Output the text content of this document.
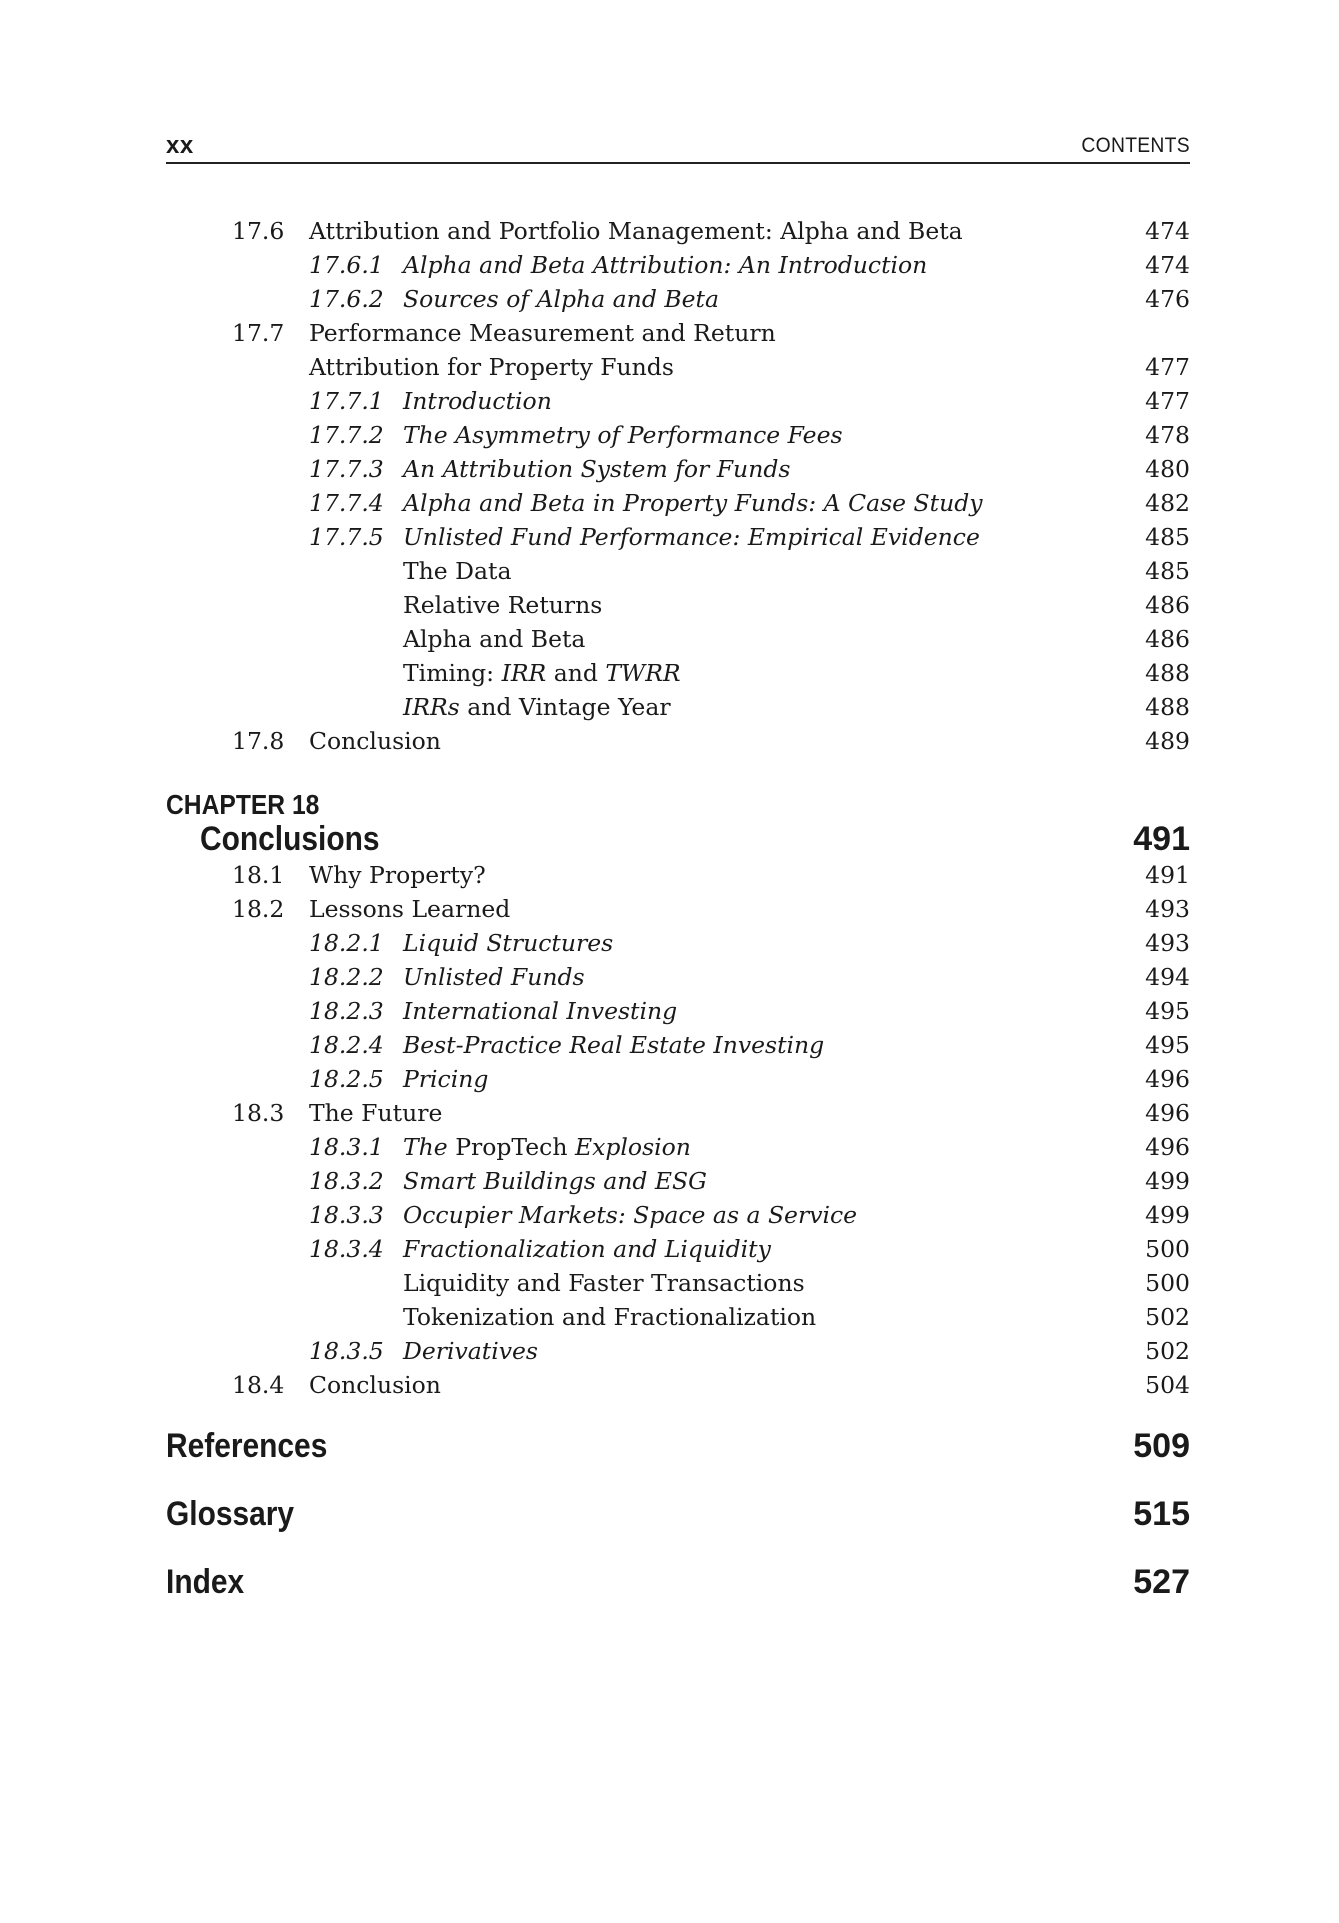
xx	CONTENTS
17.6 Attribution and Portfolio Management: Alpha and Beta	474
17.6.1 Alpha and Beta Attribution: An Introduction	474
17.6.2 Sources of Alpha and Beta	476
17.7 Performance Measurement and Return
Attribution for Property Funds	477
17.7.1 Introduction	477
17.7.2 The Asymmetry of Performance Fees	478
17.7.3 An Attribution System for Funds	480
17.7.4 Alpha and Beta in Property Funds: A Case Study	482
17.7.5 Unlisted Fund Performance: Empirical Evidence	485
The Data	485
Relative Returns	486
Alpha and Beta	486
Timing: IRR and TWRR	488
IRRs and Vintage Year	488
17.8 Conclusion	489
CHAPTER 18
Conclusions	491
18.1 Why Property?	491
18.2 Lessons Learned	493
18.2.1 Liquid Structures	493
18.2.2 Unlisted Funds	494
18.2.3 International Investing	495
18.2.4 Best-Practice Real Estate Investing	495
18.2.5 Pricing	496
18.3 The Future	496
18.3.1 The PropTech Explosion	496
18.3.2 Smart Buildings and ESG	499
18.3.3 Occupier Markets: Space as a Service	499
18.3.4 Fractionalization and Liquidity	500
Liquidity and Faster Transactions	500
Tokenization and Fractionalization	502
18.3.5 Derivatives	502
18.4 Conclusion	504
References	509
Glossary	515
Index	527
